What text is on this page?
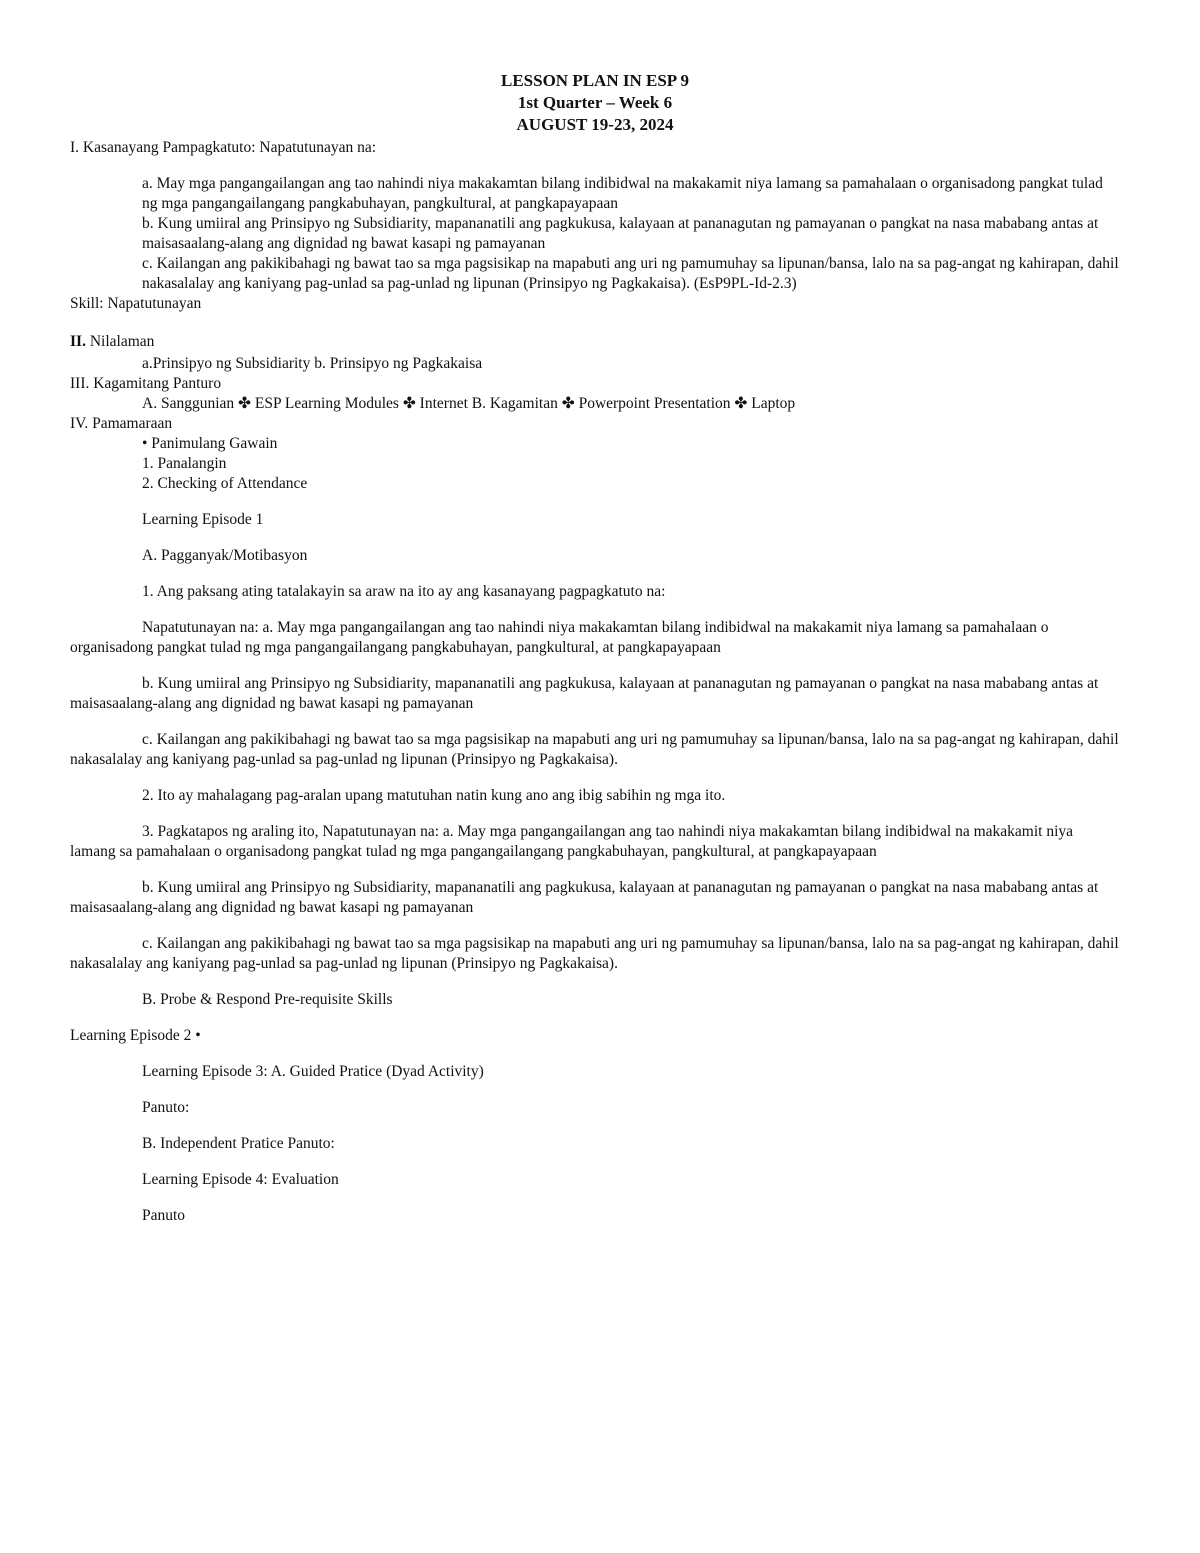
LESSON PLAN IN ESP 9
1st Quarter – Week 6
AUGUST 19-23, 2024

I. Kasanayang Pampagkatuto: Napatutunayan na:

a. May mga pangangailangan ang tao nahindi niya makakamtan bilang indibidwal na makakamit niya lamang sa pamahalaan o organisadong pangkat tulad ng mga pangangailangang pangkabuhayan, pangkultural, at pangkapayapaan

b. Kung umiiral ang Prinsipyo ng Subsidiarity, mapananatili ang pagkukusa, kalayaan at pananagutan ng pamayanan o pangkat na nasa mababang antas at maisasaalang-alang ang dignidad ng bawat kasapi ng pamayanan

c. Kailangan ang pakikibahagi ng bawat tao sa mga pagsisikap na mapabuti ang uri ng pamumuhay sa lipunan/bansa, lalo na sa pag-angat ng kahirapan, dahil nakasalalay ang kaniyang pag-unlad sa pag-unlad ng lipunan (Prinsipyo ng Pagkakaisa). (EsP9PL-Id-2.3)

Skill: Napatutunayan

II. Nilalaman

a.Prinsipyo ng Subsidiarity b. Prinsipyo ng Pagkakaisa

III. Kagamitang Panturo

A. Sanggunian ✤ ESP Learning Modules ✤ Internet B. Kagamitan ✤ Powerpoint Presentation ✤ Laptop

IV. Pamamaraan

• Panimulang Gawain

1. Panalangin

2. Checking of Attendance

Learning Episode 1

A. Pagganyak/Motibasyon

1. Ang paksang ating tatalakayin sa araw na ito ay ang kasanayang pagpagkatuto na:

Napatutunayan na: a. May mga pangangailangan ang tao nahindi niya makakamtan bilang indibidwal na makakamit niya lamang sa pamahalaan o organisadong pangkat tulad ng mga pangangailangang pangkabuhayan, pangkultural, at pangkapayapaan

b. Kung umiiral ang Prinsipyo ng Subsidiarity, mapananatili ang pagkukusa, kalayaan at pananagutan ng pamayanan o pangkat na nasa mababang antas at maisasaalang-alang ang dignidad ng bawat kasapi ng pamayanan

c. Kailangan ang pakikibahagi ng bawat tao sa mga pagsisikap na mapabuti ang uri ng pamumuhay sa lipunan/bansa, lalo na sa pag-angat ng kahirapan, dahil nakasalalay ang kaniyang pag-unlad sa pag-unlad ng lipunan (Prinsipyo ng Pagkakaisa).

2. Ito ay mahalagang pag-aralan upang matutuhan natin kung ano ang ibig sabihin ng mga ito.

3. Pagkatapos ng araling ito, Napatutunayan na: a. May mga pangangailangan ang tao nahindi niya makakamtan bilang indibidwal na makakamit niya lamang sa pamahalaan o organisadong pangkat tulad ng mga pangangailangang pangkabuhayan, pangkultural, at pangkapayapaan

b. Kung umiiral ang Prinsipyo ng Subsidiarity, mapananatili ang pagkukusa, kalayaan at pananagutan ng pamayanan o pangkat na nasa mababang antas at maisasaalang-alang ang dignidad ng bawat kasapi ng pamayanan

c. Kailangan ang pakikibahagi ng bawat tao sa mga pagsisikap na mapabuti ang uri ng pamumuhay sa lipunan/bansa, lalo na sa pag-angat ng kahirapan, dahil nakasalalay ang kaniyang pag-unlad sa pag-unlad ng lipunan (Prinsipyo ng Pagkakaisa).

B. Probe & Respond Pre-requisite Skills

Learning Episode 2 •

Learning Episode 3: A. Guided Pratice (Dyad Activity)

Panuto:

B. Independent Pratice Panuto:

Learning Episode 4: Evaluation

Panuto
